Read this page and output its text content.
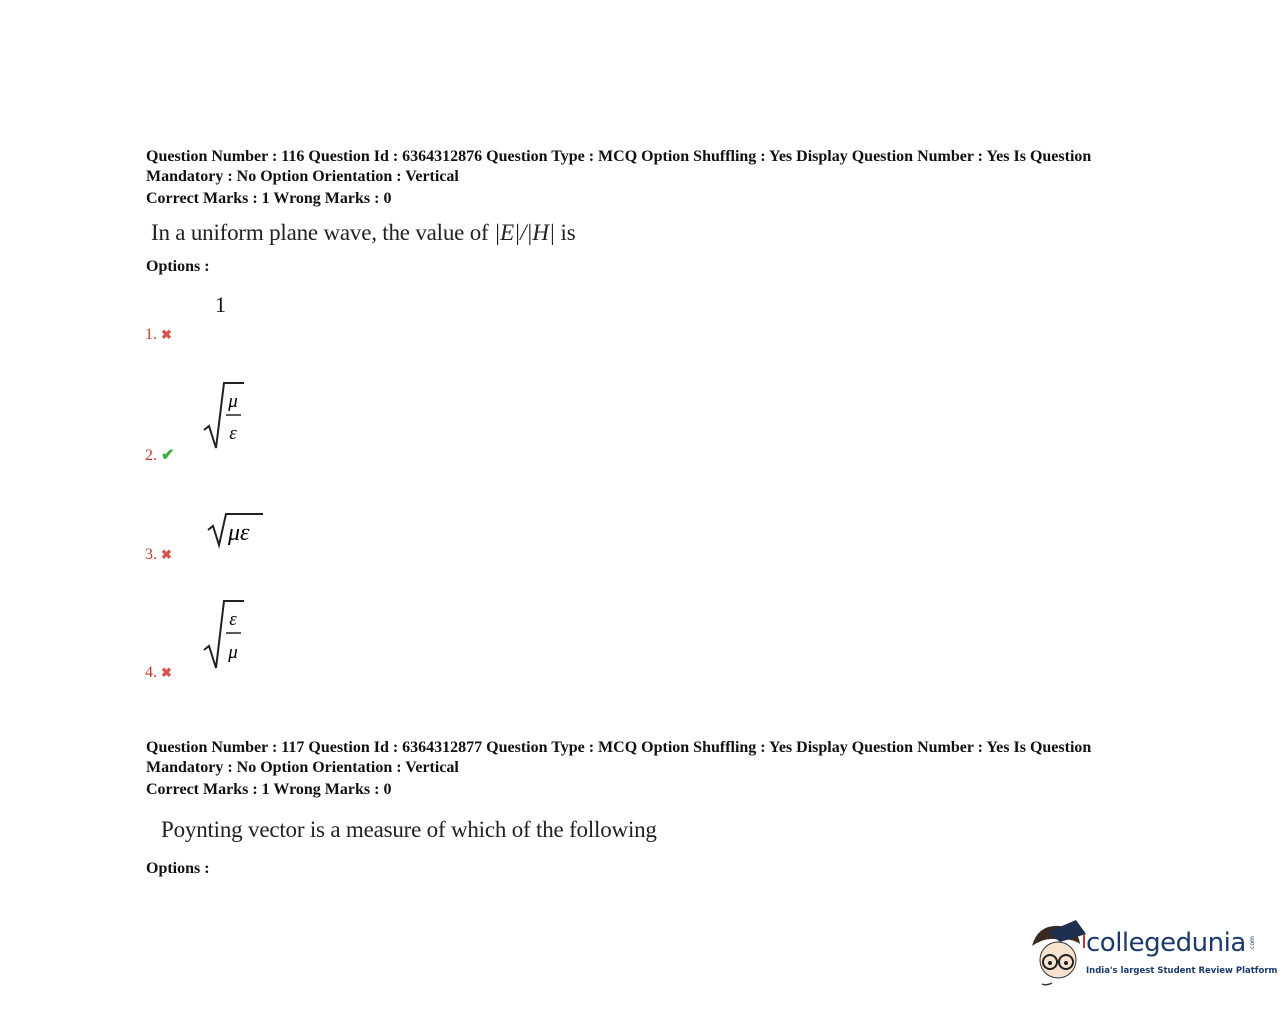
Question Number : 116 Question Id : 6364312876 Question Type : MCQ Option Shuffling : Yes Display Question Number : Yes Is Question Mandatory : No Option Orientation : Vertical
Correct Marks : 1 Wrong Marks : 0
In a uniform plane wave, the value of |E|/|H| is
Options :
1
1. ✖
μ
ε
2. ✔
με
3. ✖
ε
μ
4. ✖
Question Number : 117 Question Id : 6364312877 Question Type : MCQ Option Shuffling : Yes Display Question Number : Yes Is Question Mandatory : No Option Orientation : Vertical
Correct Marks : 1 Wrong Marks : 0
Poynting vector is a measure of which of the following
Options :
collegedunia .com
India's largest Student Review Platform
